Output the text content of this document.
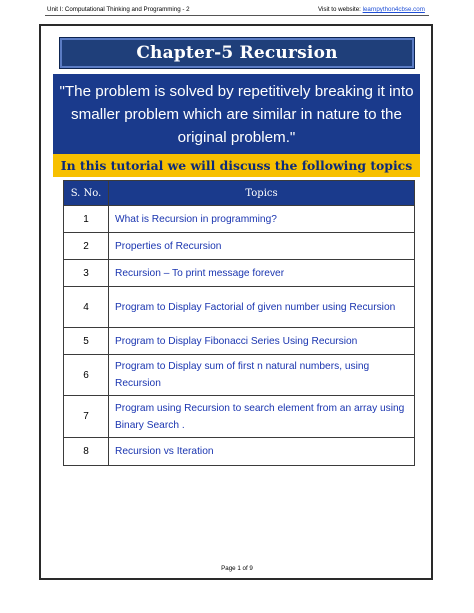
Unit I: Computational Thinking and Programming - 2	Visit to website: learnpython4cbse.com
Chapter-5 Recursion

"The problem is solved by repetitively breaking it into smaller problem which are similar in nature to the original problem."

In this tutorial we will discuss the following topics
S. No.	Topics
1	What is Recursion in programming?
2	Properties of Recursion
3	Recursion – To print message forever
4	Program to Display Factorial of given number using Recursion
5	Program to Display Fibonacci Series Using Recursion
6	Program to Display sum of first n natural numbers, using Recursion
7	Program using Recursion to search element from an array using Binary Search .
8	Recursion vs Iteration
Page 1 of 9
